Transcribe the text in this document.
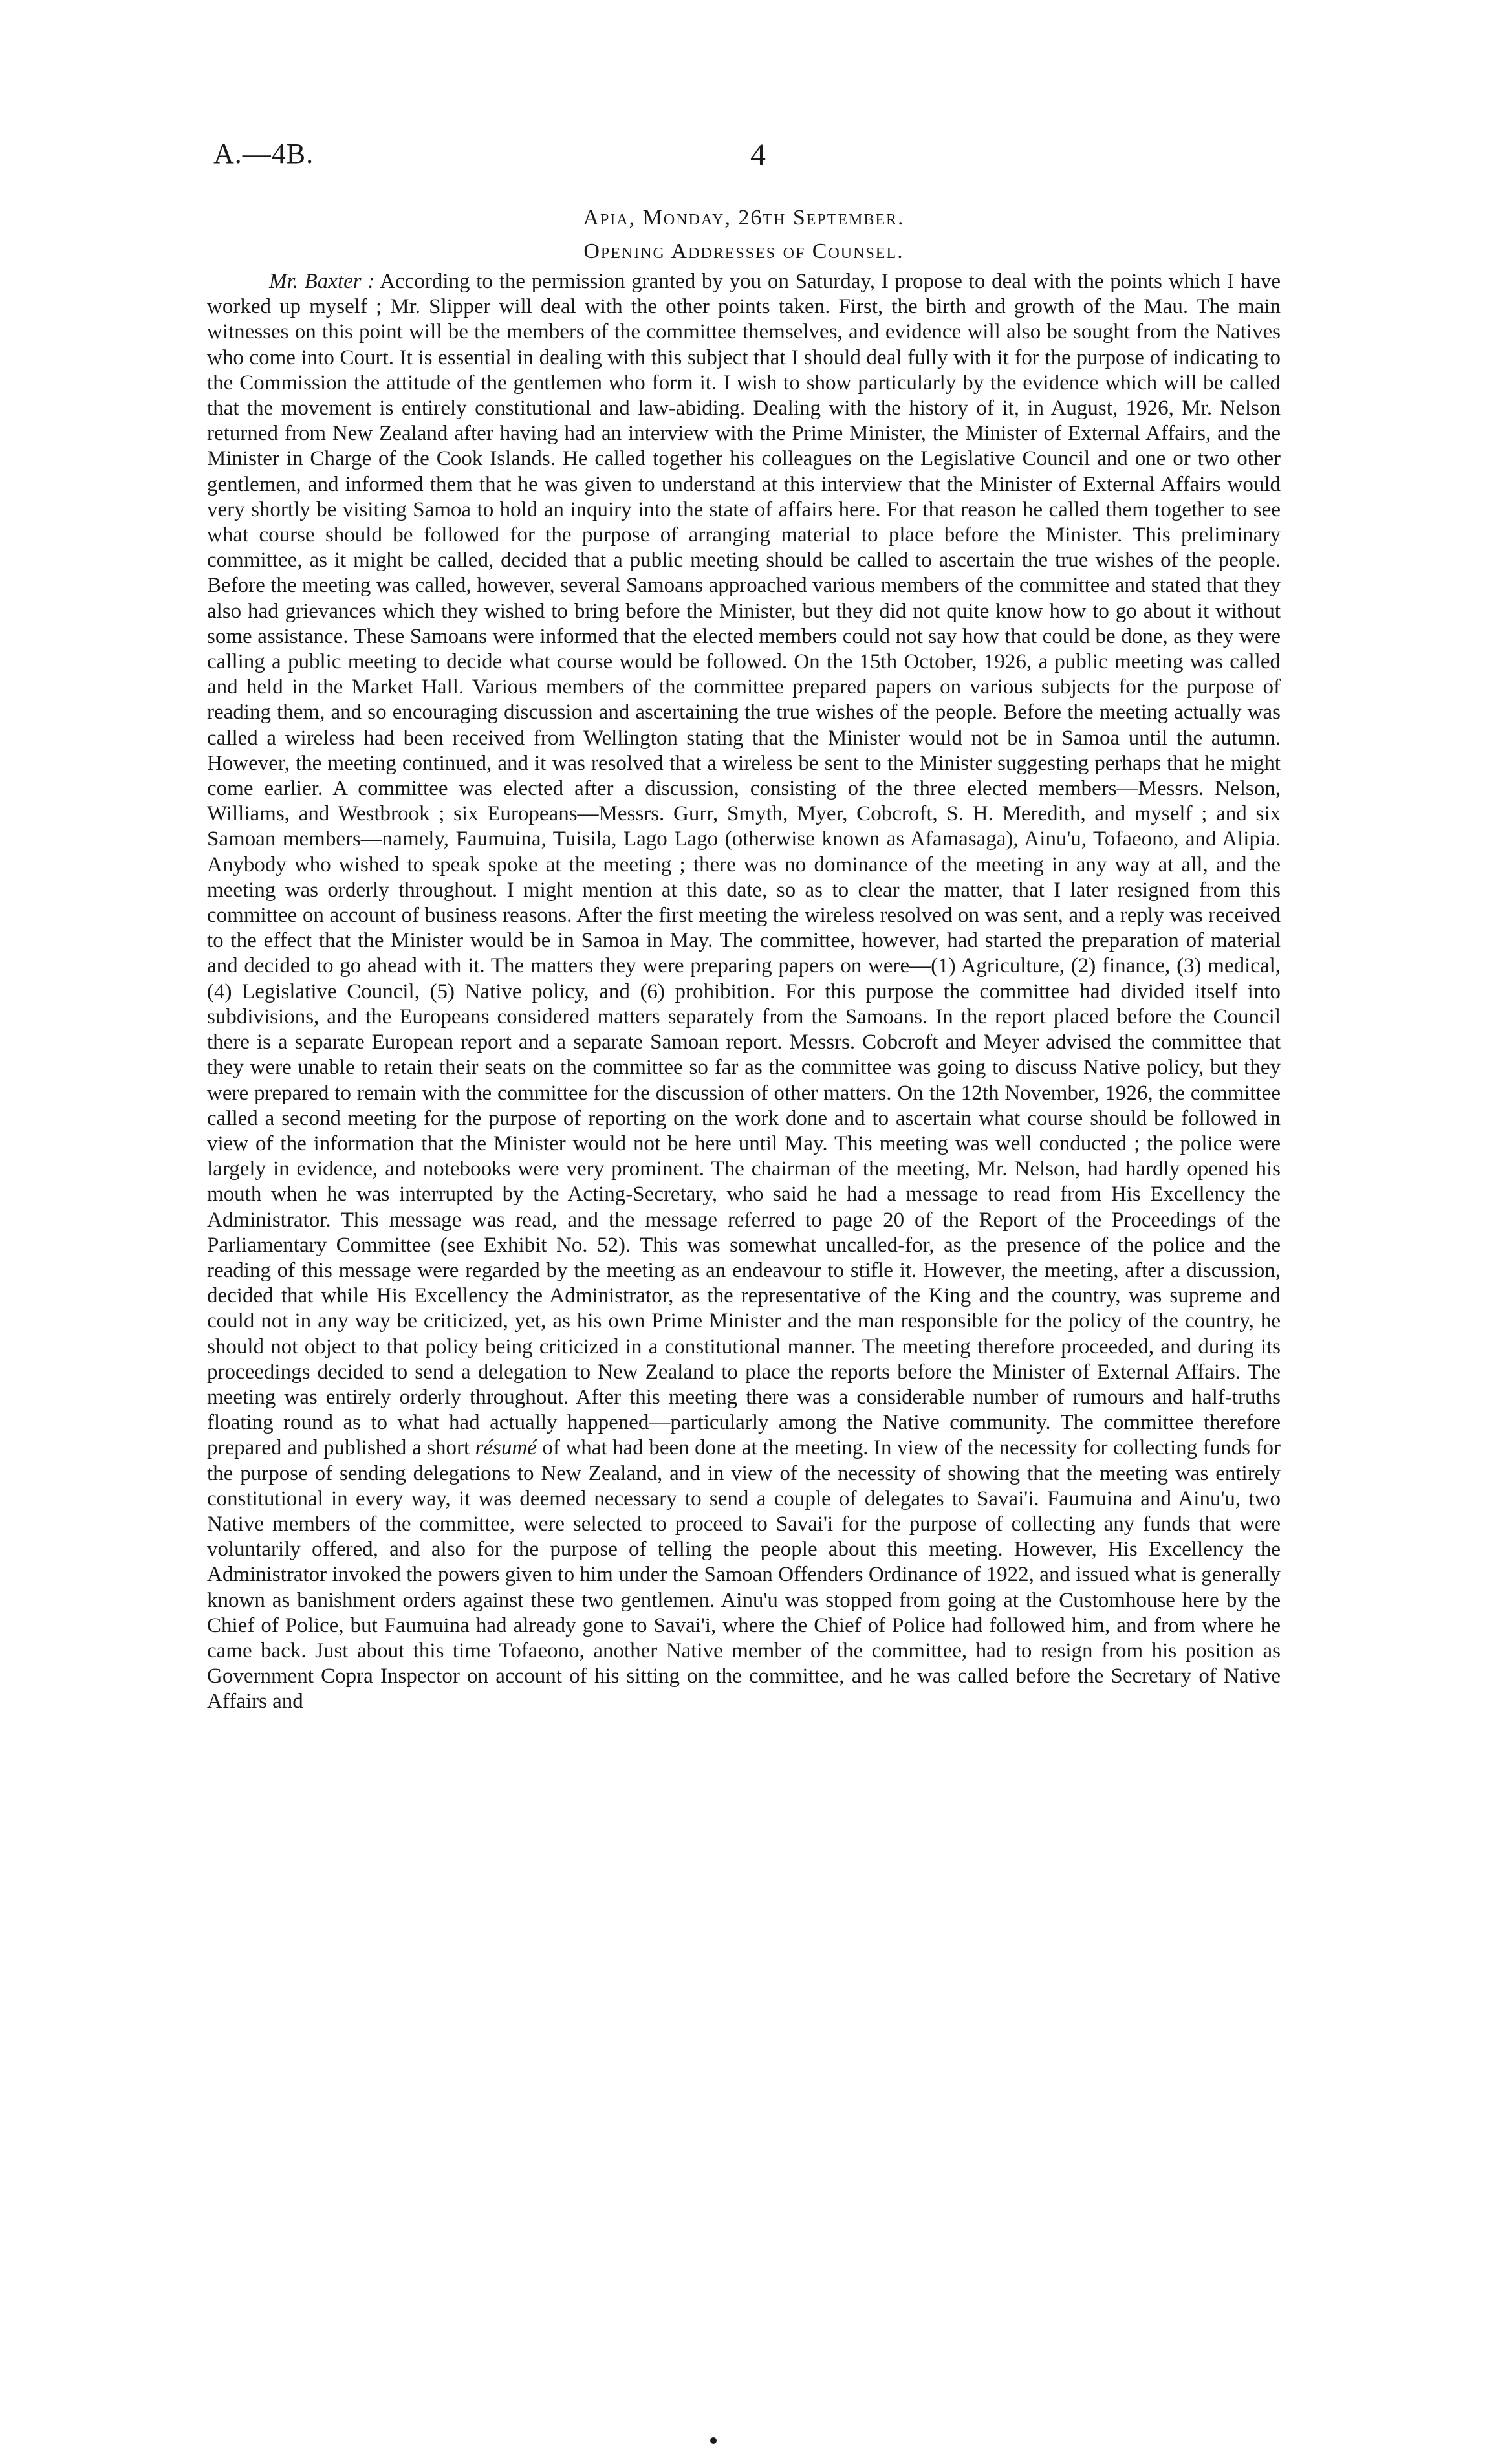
A.—4B.	4
Apia, Monday, 26th September.
Opening Addresses of Counsel.

Mr. Baxter : According to the permission granted by you on Saturday, I propose to deal with the points which I have worked up myself ; Mr. Slipper will deal with the other points taken. First, the birth and growth of the Mau. The main witnesses on this point will be the members of the committee themselves, and evidence will also be sought from the Natives who come into Court. It is essential in dealing with this subject that I should deal fully with it for the purpose of indicating to the Commission the attitude of the gentlemen who form it. I wish to show particularly by the evidence which will be called that the movement is entirely constitutional and law-abiding. Dealing with the history of it, in August, 1926, Mr. Nelson returned from New Zealand after having had an interview with the Prime Minister, the Minister of External Affairs, and the Minister in Charge of the Cook Islands. He called together his colleagues on the Legislative Council and one or two other gentlemen, and informed them that he was given to understand at this interview that the Minister of External Affairs would very shortly be visiting Samoa to hold an inquiry into the state of affairs here. For that reason he called them together to see what course should be followed for the purpose of arranging material to place before the Minister. This preliminary committee, as it might be called, decided that a public meeting should be called to ascertain the true wishes of the people. Before the meeting was called, however, several Samoans approached various members of the committee and stated that they also had grievances which they wished to bring before the Minister, but they did not quite know how to go about it without some assistance. These Samoans were informed that the elected members could not say how that could be done, as they were calling a public meeting to decide what course would be followed. On the 15th October, 1926, a public meeting was called and held in the Market Hall. Various members of the committee prepared papers on various subjects for the purpose of reading them, and so encouraging discussion and ascertaining the true wishes of the people. Before the meeting actually was called a wireless had been received from Wellington stating that the Minister would not be in Samoa until the autumn. However, the meeting continued, and it was resolved that a wireless be sent to the Minister suggesting perhaps that he might come earlier. A committee was elected after a discussion, consisting of the three elected members—Messrs. Nelson, Williams, and Westbrook ; six Europeans—Messrs. Gurr, Smyth, Myer, Cobcroft, S. H. Meredith, and myself ; and six Samoan members—namely, Faumuina, Tuisila, Lago Lago (otherwise known as Afamasaga), Ainu'u, Tofaeono, and Alipia. Anybody who wished to speak spoke at the meeting ; there was no dominance of the meeting in any way at all, and the meeting was orderly throughout. I might mention at this date, so as to clear the matter, that I later resigned from this committee on account of business reasons. After the first meeting the wireless resolved on was sent, and a reply was received to the effect that the Minister would be in Samoa in May. The committee, however, had started the preparation of material and decided to go ahead with it. The matters they were preparing papers on were—(1) Agriculture, (2) finance, (3) medical, (4) Legislative Council, (5) Native policy, and (6) prohibition. For this purpose the committee had divided itself into subdivisions, and the Europeans considered matters separately from the Samoans. In the report placed before the Council there is a separate European report and a separate Samoan report. Messrs. Cobcroft and Meyer advised the committee that they were unable to retain their seats on the committee so far as the committee was going to discuss Native policy, but they were prepared to remain with the committee for the discussion of other matters. On the 12th November, 1926, the committee called a second meeting for the purpose of reporting on the work done and to ascertain what course should be followed in view of the information that the Minister would not be here until May. This meeting was well conducted ; the police were largely in evidence, and notebooks were very prominent. The chairman of the meeting, Mr. Nelson, had hardly opened his mouth when he was interrupted by the Acting-Secretary, who said he had a message to read from His Excellency the Administrator. This message was read, and the message referred to page 20 of the Report of the Proceedings of the Parliamentary Committee (see Exhibit No. 52). This was somewhat uncalled-for, as the presence of the police and the reading of this message were regarded by the meeting as an endeavour to stifle it. However, the meeting, after a discussion, decided that while His Excellency the Administrator, as the representative of the King and the country, was supreme and could not in any way be criticized, yet, as his own Prime Minister and the man responsible for the policy of the country, he should not object to that policy being criticized in a constitutional manner. The meeting therefore proceeded, and during its proceedings decided to send a delegation to New Zealand to place the reports before the Minister of External Affairs. The meeting was entirely orderly throughout. After this meeting there was a considerable number of rumours and half-truths floating round as to what had actually happened—particularly among the Native community. The committee therefore prepared and published a short résumé of what had been done at the meeting. In view of the necessity for collecting funds for the purpose of sending delegations to New Zealand, and in view of the necessity of showing that the meeting was entirely constitutional in every way, it was deemed necessary to send a couple of delegates to Savai'i. Faumuina and Ainu'u, two Native members of the committee, were selected to proceed to Savai'i for the purpose of collecting any funds that were voluntarily offered, and also for the purpose of telling the people about this meeting. However, His Excellency the Administrator invoked the powers given to him under the Samoan Offenders Ordinance of 1922, and issued what is generally known as banishment orders against these two gentlemen. Ainu'u was stopped from going at the Customhouse here by the Chief of Police, but Faumuina had already gone to Savai'i, where the Chief of Police had followed him, and from where he came back. Just about this time Tofaeono, another Native member of the committee, had to resign from his position as Government Copra Inspector on account of his sitting on the committee, and he was called before the Secretary of Native Affairs and
